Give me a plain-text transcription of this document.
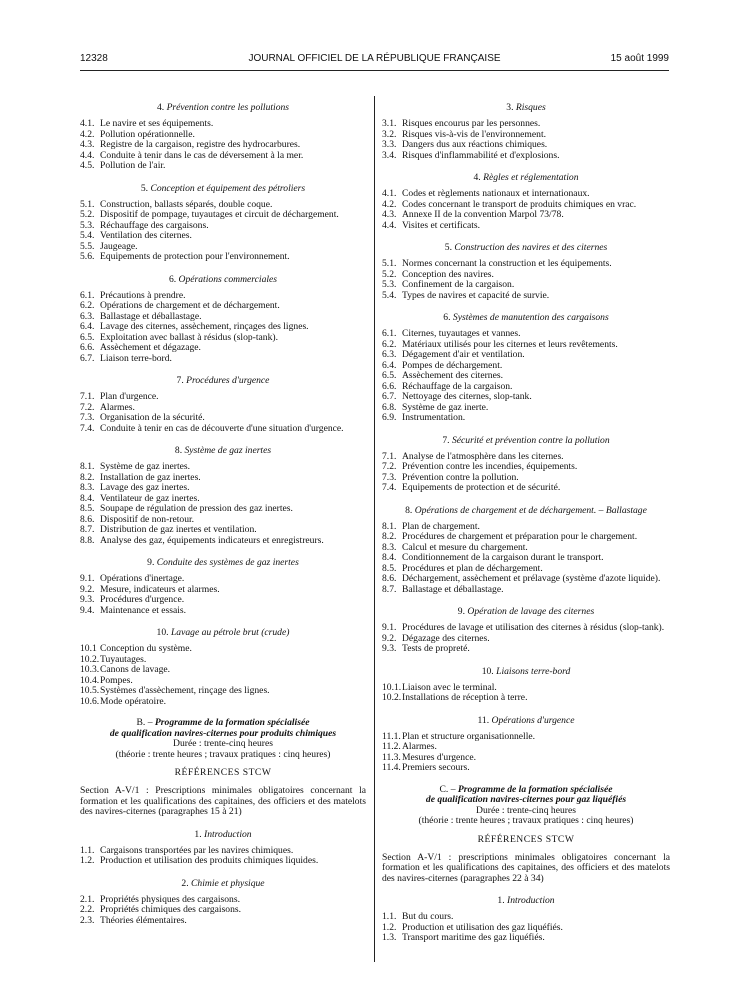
12328	JOURNAL OFFICIEL DE LA RÉPUBLIQUE FRANÇAISE	15 août 1999
4. Prévention contre les pollutions
4.1. Le navire et ses équipements.
4.2. Pollution opérationnelle.
4.3. Registre de la cargaison, registre des hydrocarbures.
4.4. Conduite à tenir dans le cas de déversement à la mer.
4.5. Pollution de l'air.
5. Conception et équipement des pétroliers
5.1. Construction, ballasts séparés, double coque.
5.2. Dispositif de pompage, tuyautages et circuit de déchargement.
5.3. Réchauffage des cargaisons.
5.4. Ventilation des citernes.
5.5. Jaugeage.
5.6. Equipements de protection pour l'environnement.
6. Opérations commerciales
6.1. Précautions à prendre.
6.2. Opérations de chargement et de déchargement.
6.3. Ballastage et déballastage.
6.4. Lavage des citernes, assèchement, rinçages des lignes.
6.5. Exploitation avec ballast à résidus (slop-tank).
6.6. Assèchement et dégazage.
6.7. Liaison terre-bord.
7. Procédures d'urgence
7.1. Plan d'urgence.
7.2. Alarmes.
7.3. Organisation de la sécurité.
7.4. Conduite à tenir en cas de découverte d'une situation d'urgence.
8. Système de gaz inertes
8.1. Système de gaz inertes.
8.2. Installation de gaz inertes.
8.3. Lavage des gaz inertes.
8.4. Ventilateur de gaz inertes.
8.5. Soupape de régulation de pression des gaz inertes.
8.6. Dispositif de non-retour.
8.7. Distribution de gaz inertes et ventilation.
8.8. Analyse des gaz, équipements indicateurs et enregistreurs.
9. Conduite des systèmes de gaz inertes
9.1. Opérations d'inertage.
9.2. Mesure, indicateurs et alarmes.
9.3. Procédures d'urgence.
9.4. Maintenance et essais.
10. Lavage au pétrole brut (crude)
10.1 Conception du système.
10.2. Tuyautages.
10.3. Canons de lavage.
10.4. Pompes.
10.5. Systèmes d'assèchement, rinçage des lignes.
10.6. Mode opératoire.
B. – Programme de la formation spécialisée
de qualification navires-citernes pour produits chimiques
Durée : trente-cinq heures
(théorie : trente heures ; travaux pratiques : cinq heures)
RÉFÉRENCES STCW
Section A-V/1 : Prescriptions minimales obligatoires concernant la formation et les qualifications des capitaines, des officiers et des matelots des navires-citernes (paragraphes 15 à 21)
1. Introduction
1.1. Cargaisons transportées par les navires chimiques.
1.2. Production et utilisation des produits chimiques liquides.
2. Chimie et physique
2.1. Propriétés physiques des cargaisons.
2.2. Propriétés chimiques des cargaisons.
2.3. Théories élémentaires.
3. Risques
3.1. Risques encourus par les personnes.
3.2. Risques vis-à-vis de l'environnement.
3.3. Dangers dus aux réactions chimiques.
3.4. Risques d'inflammabilité et d'explosions.
4. Règles et réglementation
4.1. Codes et règlements nationaux et internationaux.
4.2. Codes concernant le transport de produits chimiques en vrac.
4.3. Annexe II de la convention Marpol 73/78.
4.4. Visites et certificats.
5. Construction des navires et des citernes
5.1. Normes concernant la construction et les équipements.
5.2. Conception des navires.
5.3. Confinement de la cargaison.
5.4. Types de navires et capacité de survie.
6. Systèmes de manutention des cargaisons
6.1. Citernes, tuyautages et vannes.
6.2. Matériaux utilisés pour les citernes et leurs revêtements.
6.3. Dégagement d'air et ventilation.
6.4. Pompes de déchargement.
6.5. Assèchement des citernes.
6.6. Réchauffage de la cargaison.
6.7. Nettoyage des citernes, slop-tank.
6.8. Système de gaz inerte.
6.9. Instrumentation.
7. Sécurité et prévention contre la pollution
7.1. Analyse de l'atmosphère dans les citernes.
7.2. Prévention contre les incendies, équipements.
7.3. Prévention contre la pollution.
7.4. Equipements de protection et de sécurité.
8. Opérations de chargement et de déchargement. – Ballastage
8.1. Plan de chargement.
8.2. Procédures de chargement et préparation pour le chargement.
8.3. Calcul et mesure du chargement.
8.4. Conditionnement de la cargaison durant le transport.
8.5. Procédures et plan de déchargement.
8.6. Déchargement, assèchement et prélavage (système d'azote liquide).
8.7. Ballastage et déballastage.
9. Opération de lavage des citernes
9.1. Procédures de lavage et utilisation des citernes à résidus (slop-tank).
9.2. Dégazage des citernes.
9.3. Tests de propreté.
10. Liaisons terre-bord
10.1. Liaison avec le terminal.
10.2. Installations de réception à terre.
11. Opérations d'urgence
11.1. Plan et structure organisationnelle.
11.2. Alarmes.
11.3. Mesures d'urgence.
11.4. Premiers secours.
C. – Programme de la formation spécialisée
de qualification navires-citernes pour gaz liquéfiés
Durée : trente-cinq heures
(théorie : trente heures ; travaux pratiques : cinq heures)
RÉFÉRENCES STCW
Section A-V/1 : prescriptions minimales obligatoires concernant la formation et les qualifications des capitaines, des officiers et des matelots des navires-citernes (paragraphes 22 à 34)
1. Introduction
1.1. But du cours.
1.2. Production et utilisation des gaz liquéfiés.
1.3. Transport maritime des gaz liquéfiés.
